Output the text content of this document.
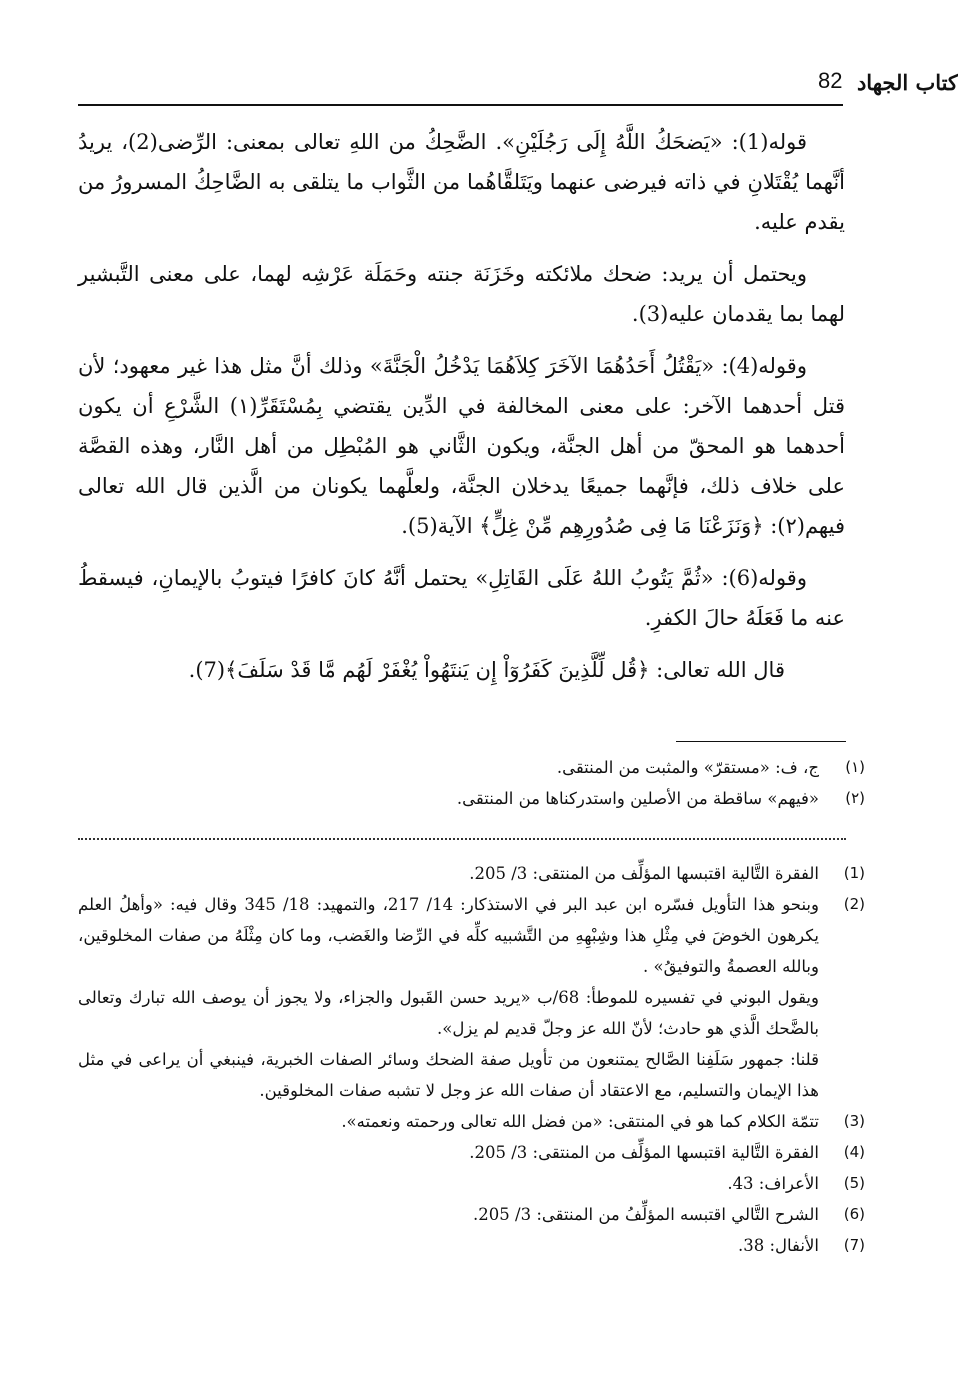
82 كتاب الجهاد

قوله(1): «يَضحَكُ اللَّهُ إِلَى رَجُلَيْنِ». الضَّحِكُ من اللهِ تعالى بمعنى: الرِّضى(2)، يريدُ أنَّهما يُقْتَلانِ في ذاته فيرضى عنهما ويَتَلقَّاهُما من الثَّواب ما يتلقى به الضَّاحِكُ المسرورُ من يقدم عليه.

ويحتمل أن يريد: ضحك ملائكته وخَزَنَة جنته وحَمَلَة عَرْشِه لهما، على معنى التَّبشير لهما بما يقدمان عليه(3).

وقوله(4): «يَقْتُلُ أَحَدُهُمَا الآخَرَ كِلاَهُمَا يَدْخُلُ الْجَنَّةَ» وذلك أنَّ مثل هذا غير معهود؛ لأن قتل أحدهما الآخر: على معنى المخالفة في الدِّين يقتضي بِمُسْتَقَرِّ(١) الشَّرْعِ أن يكون أحدهما هو المحقّ من أهل الجنَّة، ويكون الثَّاني هو المُبْطِل من أهل النَّار، وهذه القصَّة على خلاف ذلك، فإنَّهما جميعًا يدخلان الجنَّة، ولعلَّهما يكونان من الَّذين قال الله تعالى فيهم(٢): ﴿وَنَزَعْنَا مَا فِى صُدُورِهِم مِّنْ غِلٍّ﴾ الآية(5).

وقوله(6): «ثُمَّ يَتُوبُ اللهُ عَلَى القَاتِلِ» يحتمل أنَّهُ كانَ كافرًا فيتوبُ بالإيمانِ، فيسقطُ عنه ما فَعَلَهُ حالَ الكفرِ.

قال الله تعالى: ﴿قُل لِّلَّذِينَ كَفَرُوٓاْ إِن يَنتَهُواْ يُغْفَرْ لَهُم مَّا قَدْ سَلَفَ﴾(7).

(١)
ج، ف: «مستقرّ» والمثبت من المنتقى.
(٢)
«فيهم» ساقطة من الأصلين واستدركناها من المنتقى.
(1)
الفقرة التَّالية اقتبسها المؤلِّف من المنتقى: 3/ 205.
(2)
وبنحو هذا التأويل فسّره ابن عبد البر في الاستذكار: 14/ 217، والتمهيد: 18/ 345 وقال فيه: «وأهلُ العلم يكرهون الخوضَ في مِثْلِ هذا وشِبْهِهِ من التَّشبيه كلِّه في الرِّضا والغَضب، وما كان مِثْلَهُ من صفات المخلوقين، وبالله العصمةُ والتوفيقُ» .
ويقول البوني في تفسيره للموطأ: 68/ب «يريد حسن القَبول والجزاء، ولا يجوز أن يوصف الله تبارك وتعالى بالضَّحك الَّذي هو حادث؛ لأنّ الله عز وجلّ قديم لم يزل».
قلنا: جمهور سَلَفِنا الصَّالح يمتنعون من تأويل صفة الضحك وسائر الصفات الخبرية، فينبغي أن يراعى في مثل هذا الإيمان والتسليم، مع الاعتقاد أن صفات الله عز وجل لا تشبه صفات المخلوقين.
(3)
تتمّة الكلام كما هو في المنتقى: «من فضل الله تعالى ورحمته ونعمته».
(4)
الفقرة التَّالية اقتبسها المؤلِّف من المنتقى: 3/ 205.
(5)
الأعراف: 43.
(6)
الشرح التَّالي اقتبسه المؤلِّفُ من المنتقى: 3/ 205.
(7)
الأنفال: 38.
